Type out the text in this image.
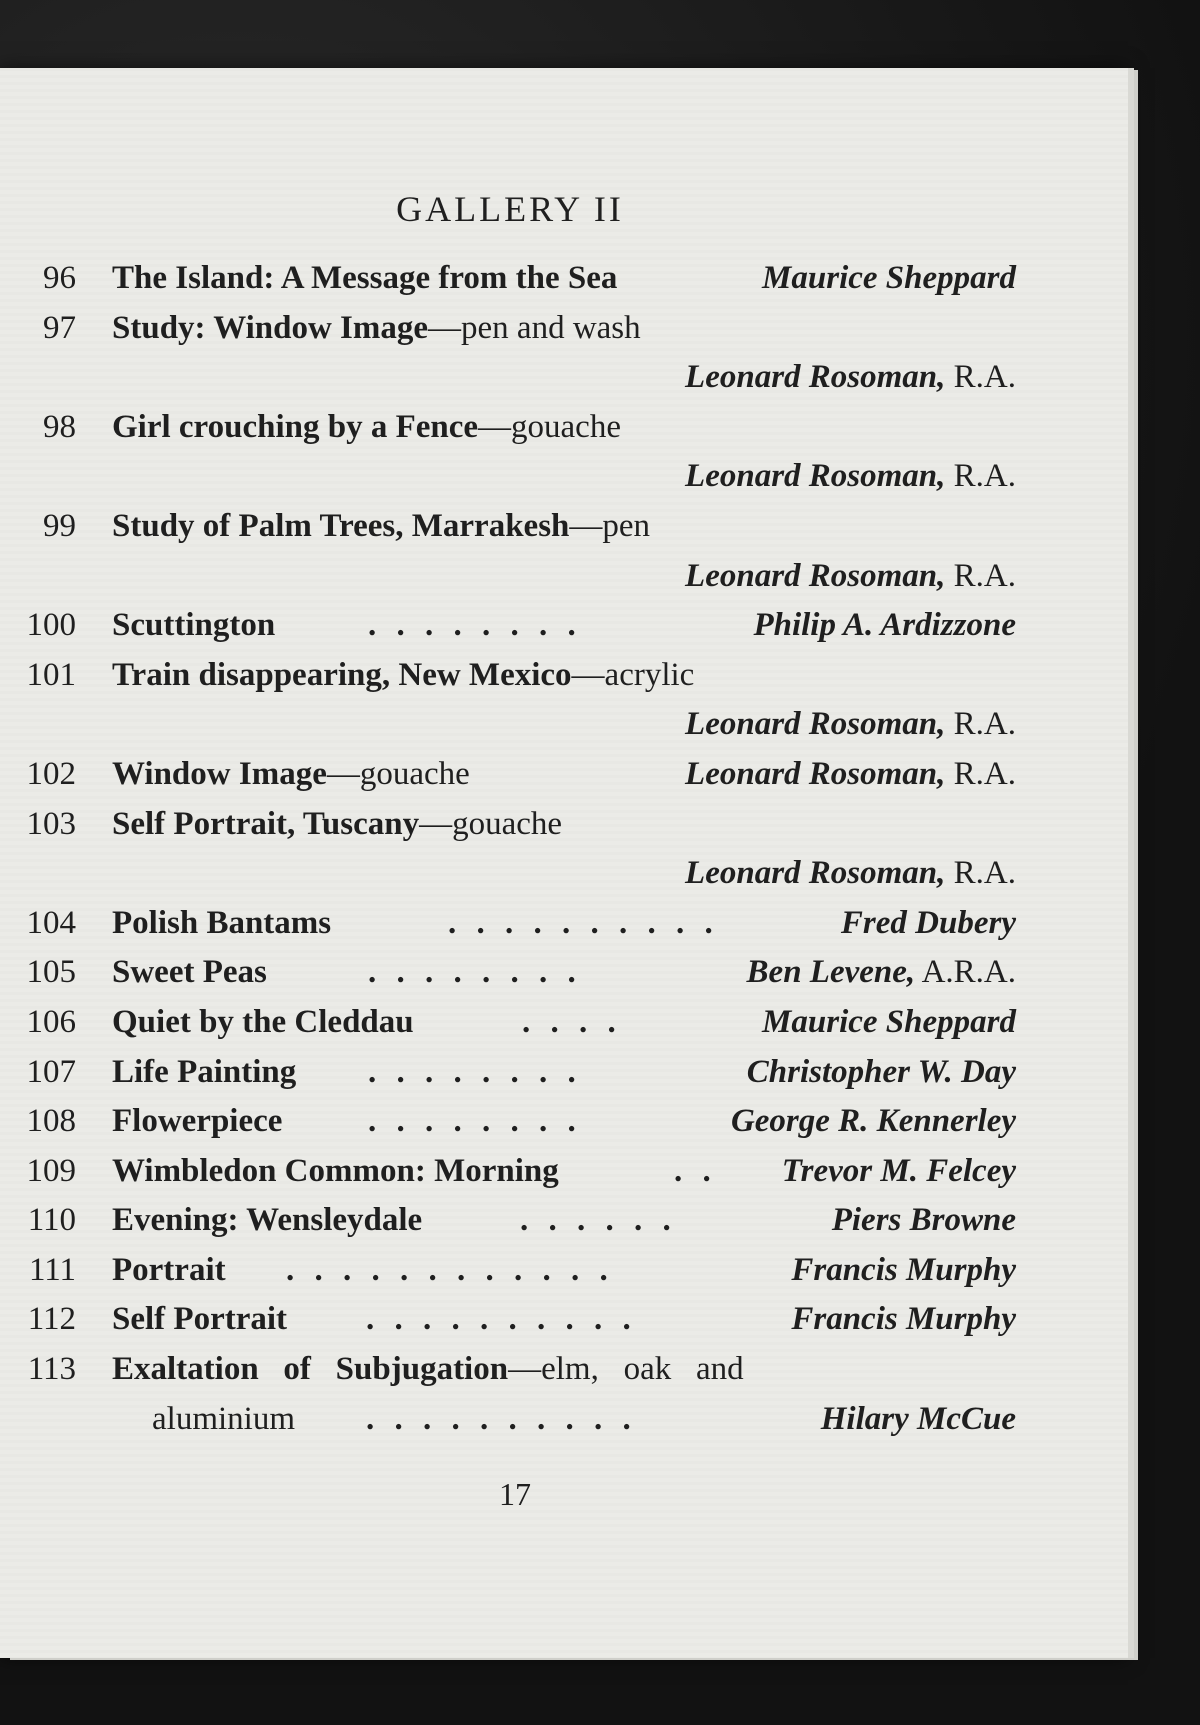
GALLERY II
96 The Island: A Message from the Sea	Maurice Sheppard
97 Study: Window Image—pen and wash
Leonard Rosoman, R.A.
98 Girl crouching by a Fence—gouache
Leonard Rosoman, R.A.
99 Study of Palm Trees, Marrakesh—pen
Leonard Rosoman, R.A.
100 Scuttington	. . . . . . . .	Philip A. Ardizzone
101 Train disappearing, New Mexico—acrylic
Leonard Rosoman, R.A.
102 Window Image—gouache	Leonard Rosoman, R.A.
103 Self Portrait, Tuscany—gouache
Leonard Rosoman, R.A.
104 Polish Bantams	. . . . . . . . . .	Fred Dubery
105 Sweet Peas	. . . . . . . .	Ben Levene, A.R.A.
106 Quiet by the Cleddau	. . . .	Maurice Sheppard
107 Life Painting . . . . . . . .	Christopher W. Day
108 Flowerpiece	. . . . . . . .	George R. Kennerley
109 Wimbledon Common: Morning	. . Trevor M. Felcey
110 Evening: Wensleydale	. . . . . .	Piers Browne
111 Portrait . . . . . . . . . . . .	Francis Murphy
112 Self Portrait . . . . . . . . . .	Francis Murphy
113 Exaltation   of   Subjugation—elm,   oak   and
aluminium . . . . . . . . . .	Hilary McCue
17
